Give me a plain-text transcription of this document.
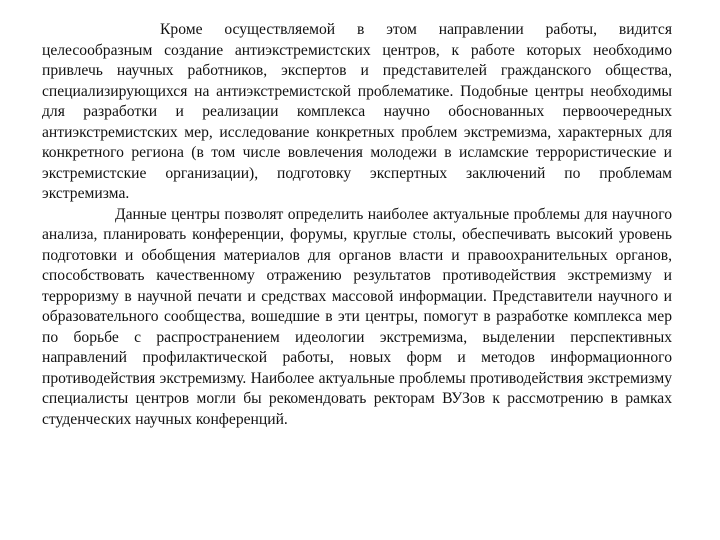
Кроме осуществляемой в этом направлении работы, видится целесообразным создание антиэкстремистских центров, к работе которых необходимо привлечь научных работников, экспертов и представителей гражданского общества, специализирующихся на антиэкстремистской проблематике. Подобные центры необходимы для разработки и реализации комплекса научно обоснованных первоочередных антиэкстремистских мер, исследование конкретных проблем экстремизма, характерных для конкретного региона (в том числе вовлечения молодежи в исламские террористические и экстремистские организации), подготовку экспертных заключений по проблемам экстремизма.

Данные центры позволят определить наиболее актуальные проблемы для научного анализа, планировать конференции, форумы, круглые столы, обеспечивать высокий уровень подготовки и обобщения материалов для органов власти и правоохранительных органов, способствовать качественному отражению результатов противодействия экстремизму и терроризму в научной печати и средствах массовой информации. Представители научного и образовательного сообщества, вошедшие в эти центры, помогут в разработке комплекса мер по борьбе с распространением идеологии экстремизма, выделении перспективных направлений профилактической работы, новых форм и методов информационного противодействия экстремизму. Наиболее актуальные проблемы противодействия экстремизму специалисты центров могли бы рекомендовать ректорам ВУЗов к рассмотрению в рамках студенческих научных конференций.
